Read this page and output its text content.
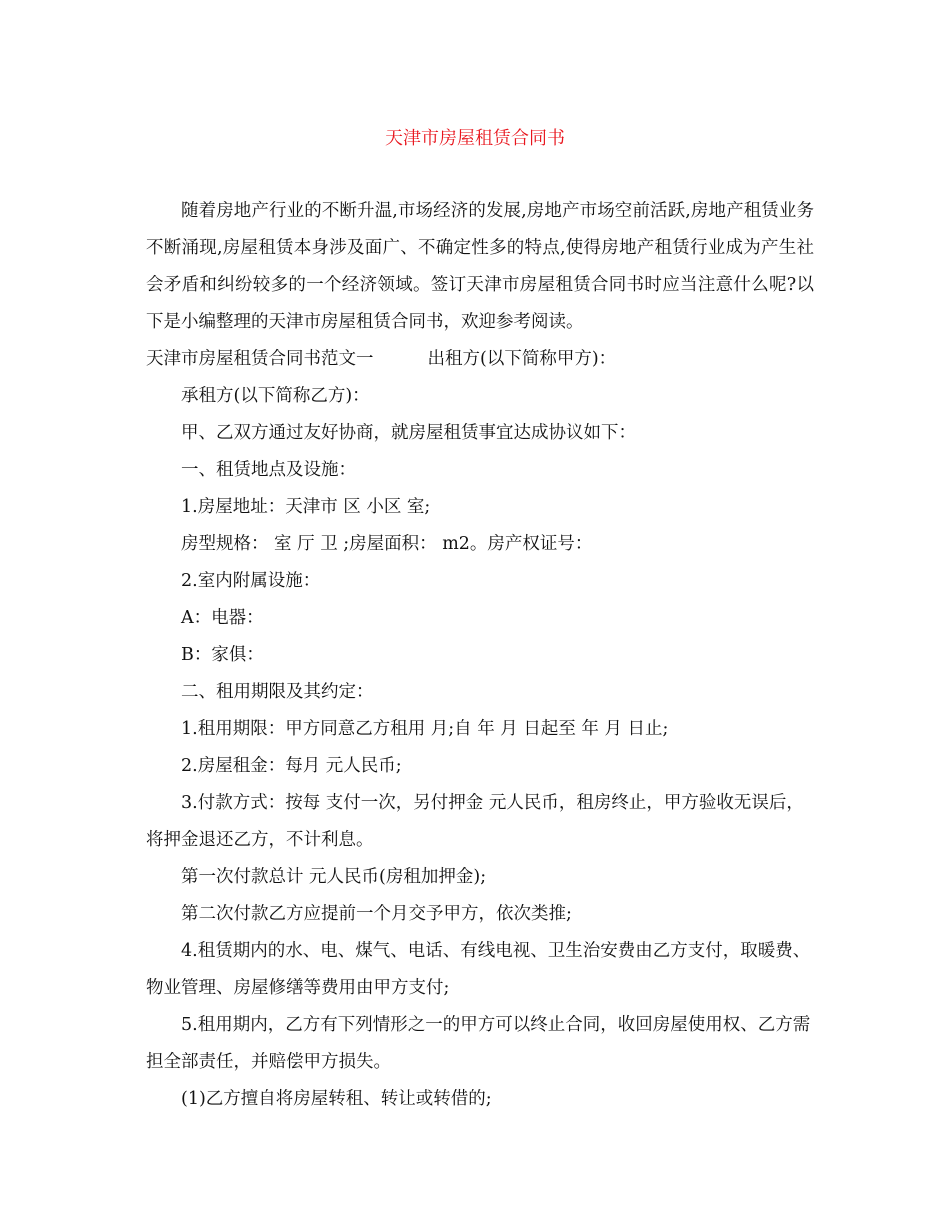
天津市房屋租赁合同书

随着房地产行业的不断升温,市场经济的发展,房地产市场空前活跃,房地产租赁业务不断涌现,房屋租赁本身涉及面广、不确定性多的特点,使得房地产租赁行业成为产生社会矛盾和纠纷较多的一个经济领域。签订天津市房屋租赁合同书时应当注意什么呢?以下是小编整理的天津市房屋租赁合同书，欢迎参考阅读。

天津市房屋租赁合同书范文一	出租方(以下简称甲方)：

承租方(以下简称乙方)：

甲、乙双方通过友好协商，就房屋租赁事宜达成协议如下：

一、租赁地点及设施：

1.房屋地址：天津市 区 小区 室;

房型规格： 室 厅 卫 ;房屋面积： m2。房产权证号：

2.室内附属设施：

A：电器：

B：家俱：

二、租用期限及其约定：

1.租用期限：甲方同意乙方租用 月;自 年 月 日起至 年 月 日止;

2.房屋租金：每月 元人民币;

3.付款方式：按每 支付一次，另付押金 元人民币，租房终止，甲方验收无误后，将押金退还乙方，不计利息。

第一次付款总计 元人民币(房租加押金);

第二次付款乙方应提前一个月交予甲方，依次类推;

4.租赁期内的水、电、煤气、电话、有线电视、卫生治安费由乙方支付，取暖费、物业管理、房屋修缮等费用由甲方支付;

5.租用期内，乙方有下列情形之一的甲方可以终止合同，收回房屋使用权、乙方需担全部责任，并赔偿甲方损失。

(1)乙方擅自将房屋转租、转让或转借的;
